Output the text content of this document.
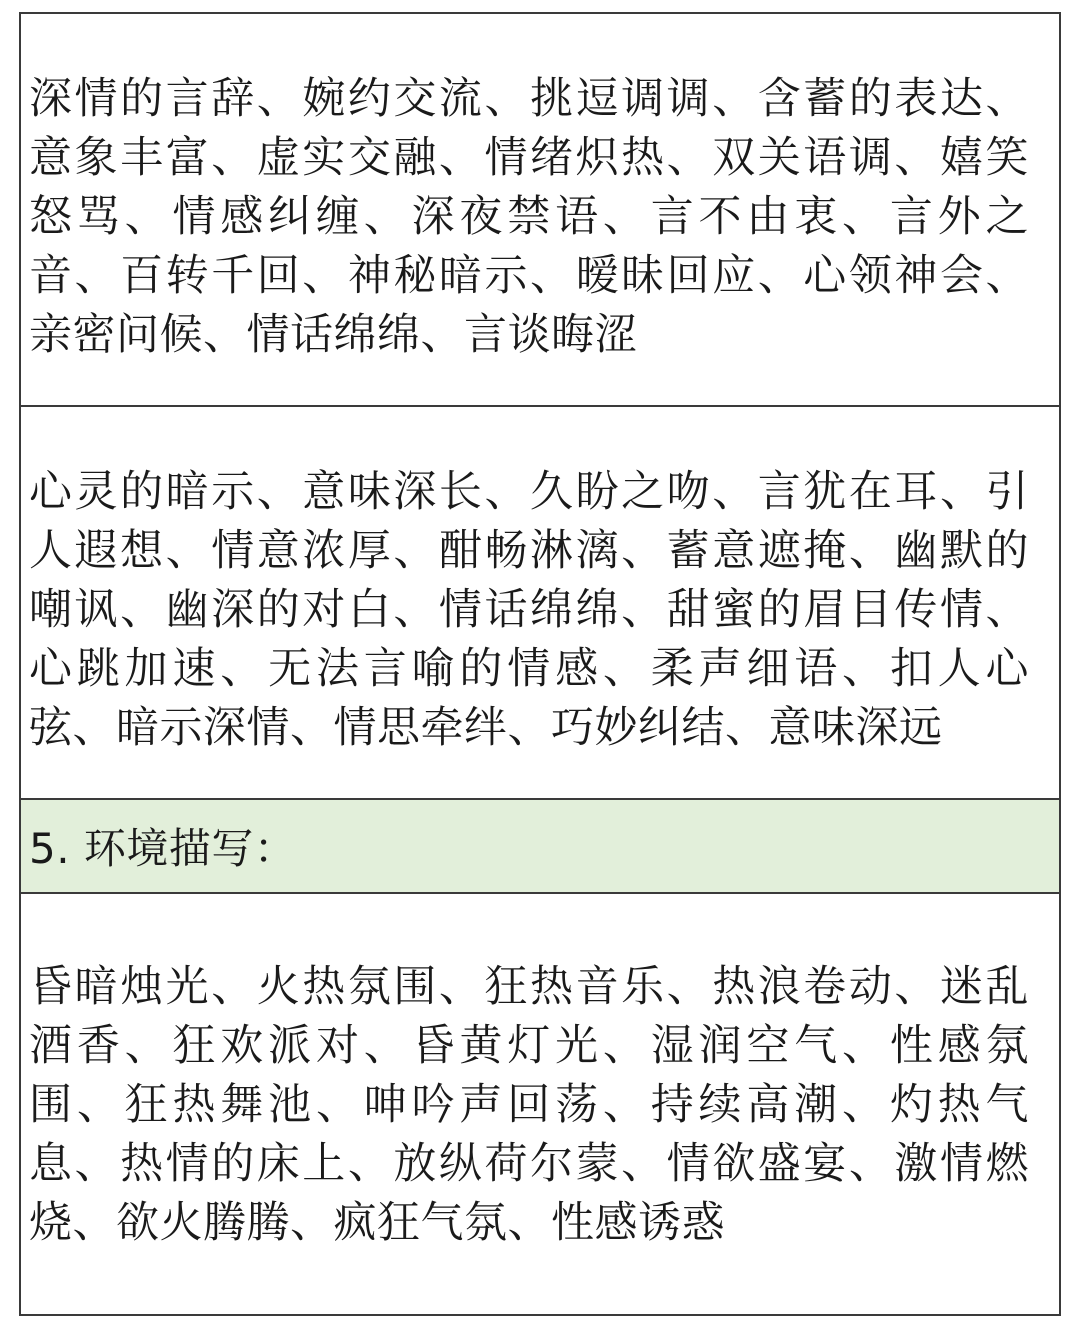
深情的言辞、婉约交流、挑逗调调、含蓄的表达、意象丰富、虚实交融、情绪炽热、双关语调、嬉笑怒骂、情感纠缠、深夜禁语、言不由衷、言外之音、百转千回、神秘暗示、暧昧回应、心领神会、亲密问候、情话绵绵、言谈晦涩
心灵的暗示、意味深长、久盼之吻、言犹在耳、引人遐想、情意浓厚、酣畅淋漓、蓄意遮掩、幽默的嘲讽、幽深的对白、情话绵绵、甜蜜的眉目传情、心跳加速、无法言喻的情感、柔声细语、扣人心弦、暗示深情、情思牵绊、巧妙纠结、意味深远
5. 环境描写：
昏暗烛光、火热氛围、狂热音乐、热浪卷动、迷乱酒香、狂欢派对、昏黄灯光、湿润空气、性感氛围、狂热舞池、呻吟声回荡、持续高潮、灼热气息、热情的床上、放纵荷尔蒙、情欲盛宴、激情燃烧、欲火腾腾、疯狂气氛、性感诱惑
